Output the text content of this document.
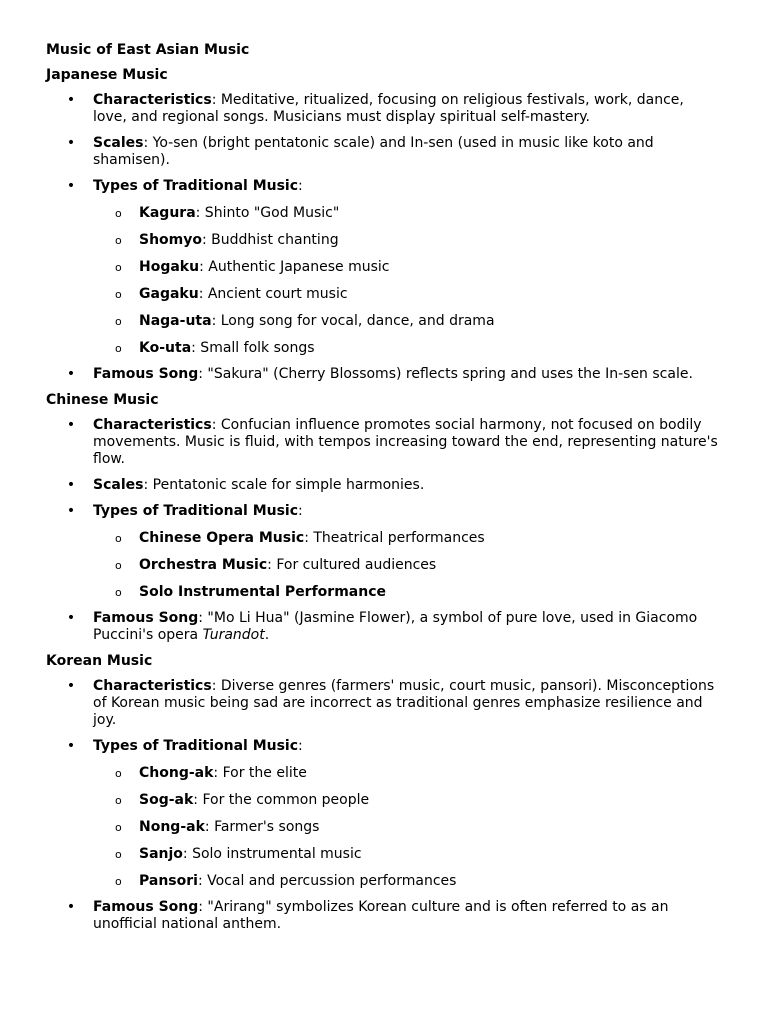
Music of East Asian Music
Japanese Music
• Characteristics: Meditative, ritualized, focusing on religious festivals, work, dance, love, and regional songs. Musicians must display spiritual self-mastery.
• Scales: Yo-sen (bright pentatonic scale) and In-sen (used in music like koto and shamisen).
• Types of Traditional Music:
o Kagura: Shinto "God Music"
o Shomyo: Buddhist chanting
o Hogaku: Authentic Japanese music
o Gagaku: Ancient court music
o Naga-uta: Long song for vocal, dance, and drama
o Ko-uta: Small folk songs
• Famous Song: "Sakura" (Cherry Blossoms) reflects spring and uses the In-sen scale.
Chinese Music
• Characteristics: Confucian influence promotes social harmony, not focused on bodily movements. Music is fluid, with tempos increasing toward the end, representing nature's flow.
• Scales: Pentatonic scale for simple harmonies.
• Types of Traditional Music:
o Chinese Opera Music: Theatrical performances
o Orchestra Music: For cultured audiences
o Solo Instrumental Performance
• Famous Song: "Mo Li Hua" (Jasmine Flower), a symbol of pure love, used in Giacomo Puccini's opera Turandot.
Korean Music
• Characteristics: Diverse genres (farmers' music, court music, pansori). Misconceptions of Korean music being sad are incorrect as traditional genres emphasize resilience and joy.
• Types of Traditional Music:
o Chong-ak: For the elite
o Sog-ak: For the common people
o Nong-ak: Farmer's songs
o Sanjo: Solo instrumental music
o Pansori: Vocal and percussion performances
• Famous Song: "Arirang" symbolizes Korean culture and is often referred to as an unofficial national anthem.
